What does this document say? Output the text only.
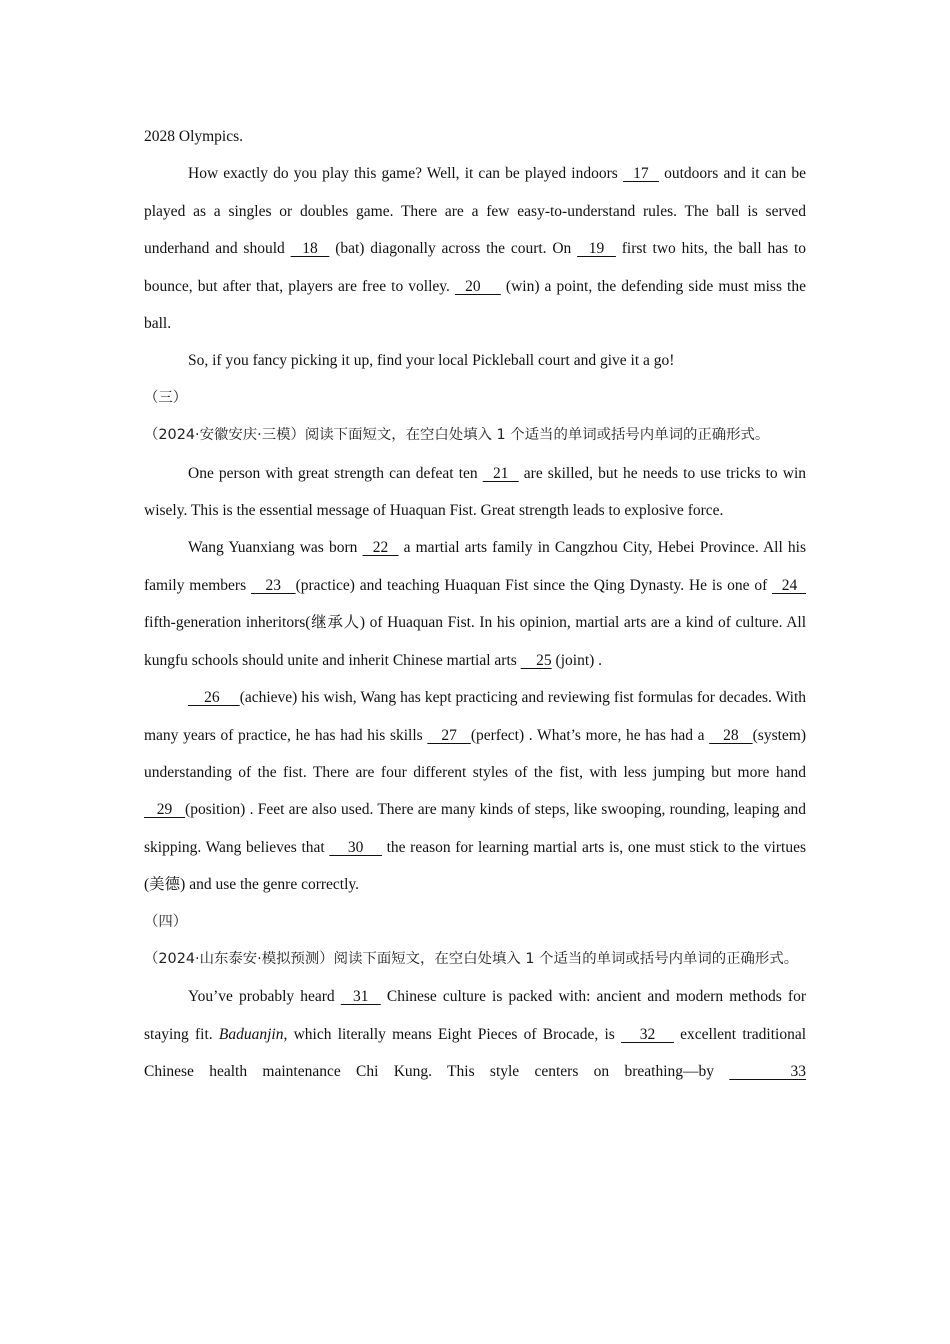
2028 Olympics.

How exactly do you play this game? Well, it can be played indoors   17   outdoors and it can be played as a singles or doubles game. There are a few easy-to-understand rules. The ball is served underhand and should   18   (bat) diagonally across the court. On   19   first two hits, the ball has to bounce, but after that, players are free to volley.   20     (win) a point, the defending side must miss the ball.

So, if you fancy picking it up, find your local Pickleball court and give it a go!

（三）

（2024·安徽安庆·三模）阅读下面短文，在空白处填入 1 个适当的单词或括号内单词的正确形式。

One person with great strength can defeat ten   21   are skilled, but he needs to use tricks to win wisely. This is the essential message of Huaquan Fist. Great strength leads to explosive force.

Wang Yuanxiang was born   22   a martial arts family in Cangzhou City, Hebei Province. All his family members    23   (practice) and teaching Huaquan Fist since the Qing Dynasty. He is one of   24   fifth-generation inheritors(继承人) of Huaquan Fist. In his opinion, martial arts are a kind of culture. All kungfu schools should unite and inherit Chinese martial arts     25 (joint) .

26     (achieve) his wish, Wang has kept practicing and reviewing fist formulas for decades. With many years of practice, he has had his skills    27   (perfect) . What’s more, he has had a    28   (system) understanding of the fist. There are four different styles of the fist, with less jumping but more hand    29   (position) . Feet are also used. There are many kinds of steps, like swooping, rounding, leaping and skipping. Wang believes that     30     the reason for learning martial arts is, one must stick to the virtues (美德) and use the genre correctly.

（四）

（2024·山东泰安·模拟预测）阅读下面短文，在空白处填入 1 个适当的单词或括号内单词的正确形式。

You’ve probably heard   31   Chinese culture is packed with: ancient and modern methods for staying fit. Baduanjin, which literally means Eight Pieces of Brocade, is    32    excellent traditional Chinese health maintenance Chi Kung. This style centers on breathing—by     33
